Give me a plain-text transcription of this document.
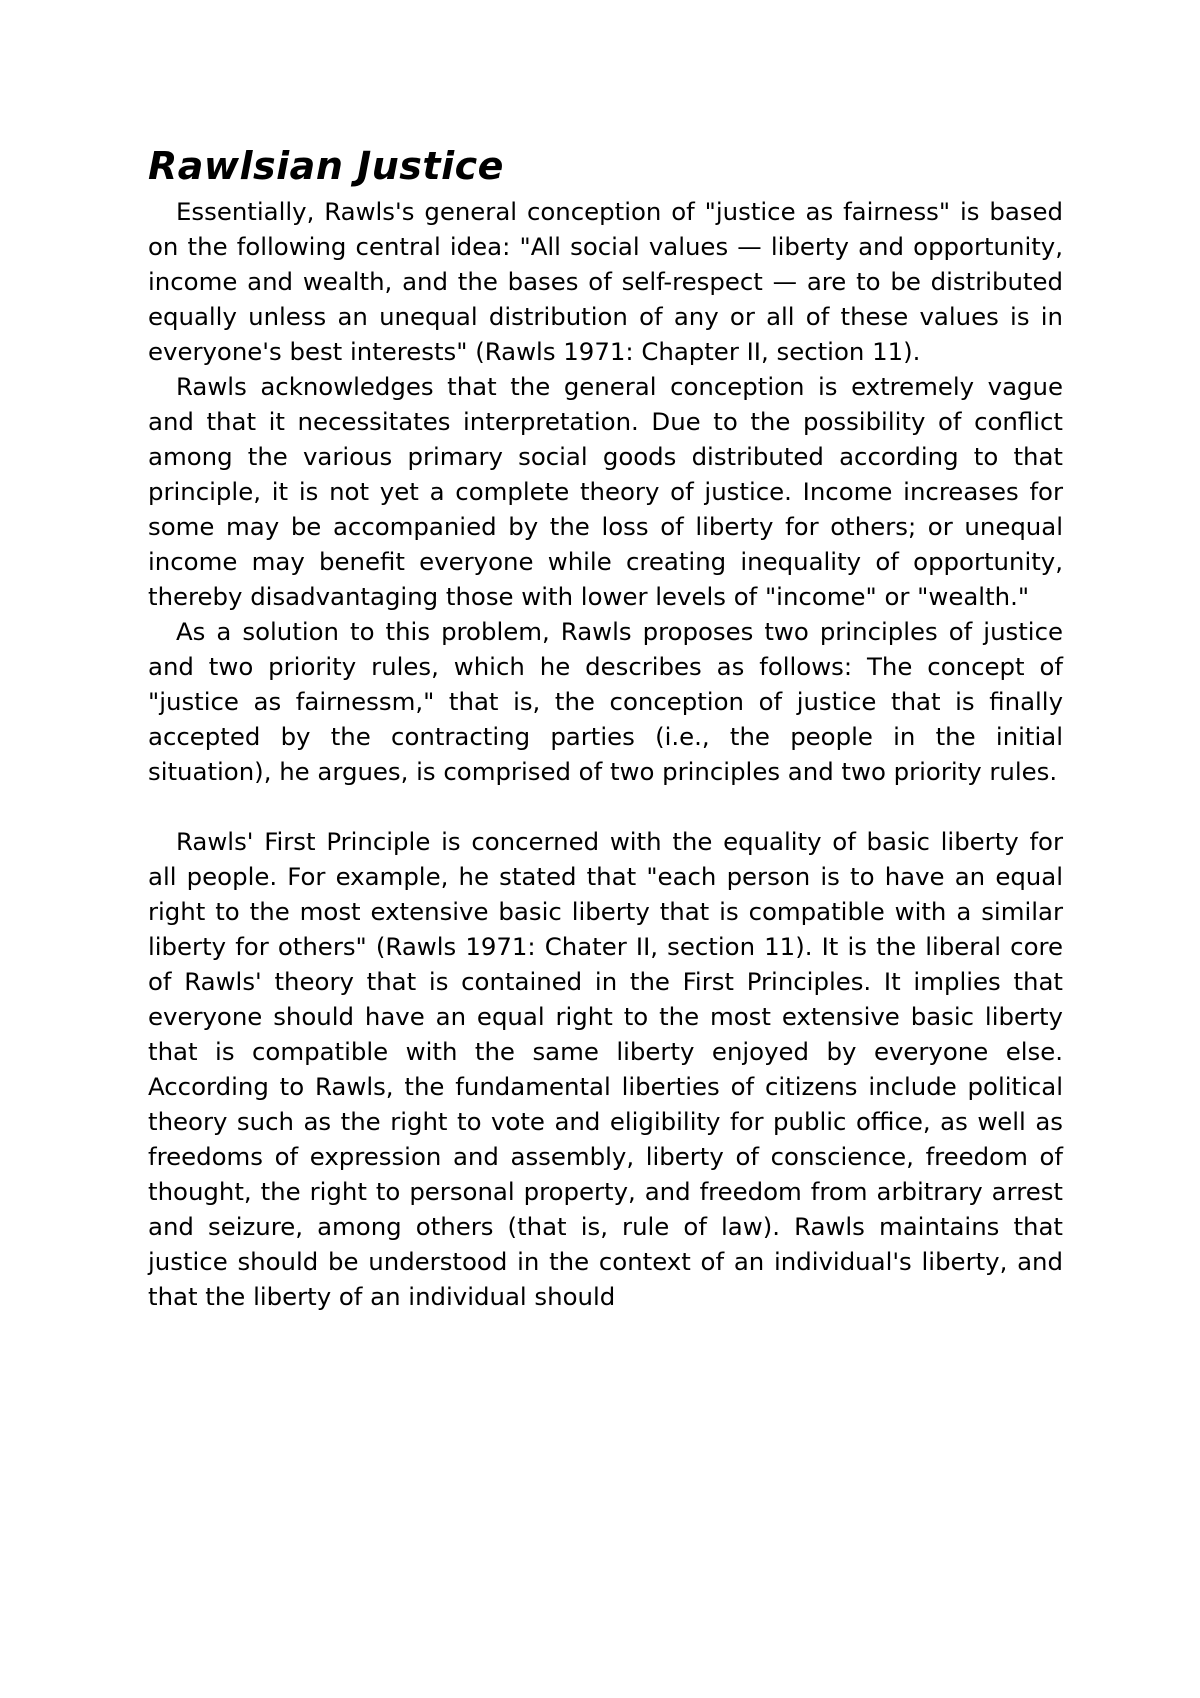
Rawlsian Justice

Essentially, Rawls's general conception of "justice as fairness" is based on the following central idea: "All social values — liberty and opportunity, income and wealth, and the bases of self-respect — are to be distributed equally unless an unequal distribution of any or all of these values is in everyone's best interests" (Rawls 1971: Chapter II, section 11).

Rawls acknowledges that the general conception is extremely vague and that it necessitates interpretation. Due to the possibility of conflict among the various primary social goods distributed according to that principle, it is not yet a complete theory of justice. Income increases for some may be accompanied by the loss of liberty for others; or unequal income may benefit everyone while creating inequality of opportunity, thereby disadvantaging those with lower levels of "income" or "wealth."

As a solution to this problem, Rawls proposes two principles of justice and two priority rules, which he describes as follows: The concept of "justice as fairnessm," that is, the conception of justice that is finally accepted by the contracting parties (i.e., the people in the initial situation), he argues, is comprised of two principles and two priority rules.

Rawls' First Principle is concerned with the equality of basic liberty for all people. For example, he stated that "each person is to have an equal right to the most extensive basic liberty that is compatible with a similar liberty for others" (Rawls 1971: Chater II, section 11). It is the liberal core of Rawls' theory that is contained in the First Principles. It implies that everyone should have an equal right to the most extensive basic liberty that is compatible with the same liberty enjoyed by everyone else. According to Rawls, the fundamental liberties of citizens include political theory such as the right to vote and eligibility for public office, as well as freedoms of expression and assembly, liberty of conscience, freedom of thought, the right to personal property, and freedom from arbitrary arrest and seizure, among others (that is, rule of law). Rawls maintains that justice should be understood in the context of an individual's liberty, and that the liberty of an individual should
